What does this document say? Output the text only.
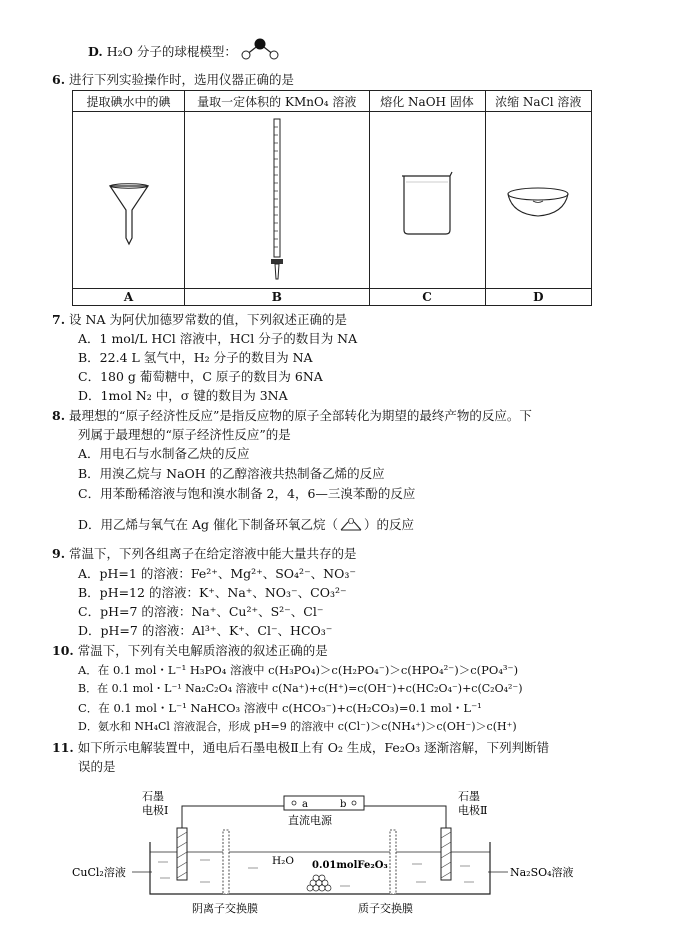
D. H₂O 分子的球棍模型：
6. 进行下列实验操作时，选用仪器正确的是
提取碘水中的碘	量取一定体积的 KMnO₄ 溶液	熔化 NaOH 固体	浓缩 NaCl 溶液

A	B	C	D
7. 设 NA 为阿伏加德罗常数的值，下列叙述正确的是
A．1 mol/L HCl 溶液中，HCl 分子的数目为 NA
B．22.4 L 氢气中，H₂ 分子的数目为 NA
C．180 g 葡萄糖中，C 原子的数目为 6NA
D．1mol N₂ 中，σ 键的数目为 3NA
8. 最理想的“原子经济性反应”是指反应物的原子全部转化为期望的最终产物的反应。下
列属于最理想的“原子经济性反应”的是
A．用电石与水制备乙炔的反应
B．用溴乙烷与 NaOH 的乙醇溶液共热制备乙烯的反应
C．用苯酚稀溶液与饱和溴水制备 2，4，6—三溴苯酚的反应
D．用乙烯与氧气在 Ag 催化下制备环氧乙烷（ O ）的反应
9. 常温下，下列各组离子在给定溶液中能大量共存的是
A．pH=1 的溶液：Fe²⁺、Mg²⁺、SO₄²⁻、NO₃⁻
B．pH=12 的溶液：K⁺、Na⁺、NO₃⁻、CO₃²⁻
C．pH=7 的溶液：Na⁺、Cu²⁺、S²⁻、Cl⁻
D．pH=7 的溶液：Al³⁺、K⁺、Cl⁻、HCO₃⁻
10. 常温下，下列有关电解质溶液的叙述正确的是
A．在 0.1 mol・L⁻¹ H₃PO₄ 溶液中 c(H₃PO₄)＞c(H₂PO₄⁻)＞c(HPO₄²⁻)＞c(PO₄³⁻)
B．在 0.1 mol・L⁻¹ Na₂C₂O₄ 溶液中 c(Na⁺)+c(H⁺)=c(OH⁻)+c(HC₂O₄⁻)+c(C₂O₄²⁻)
C．在 0.1 mol・L⁻¹ NaHCO₃ 溶液中 c(HCO₃⁻)+c(H₂CO₃)=0.1 mol・L⁻¹
D．氨水和 NH₄Cl 溶液混合，形成 pH=9 的溶液中 c(Cl⁻)＞c(NH₄⁺)＞c(OH⁻)＞c(H⁺)
11. 如下所示电解装置中，通电后石墨电极Ⅱ上有 O₂ 生成，Fe₂O₃ 逐渐溶解，下列判断错
误的是
a	b
直流电源
石墨
电极Ⅰ
石墨
电极Ⅱ
H₂O 0.01molFe₂O₃
CuCl₂溶液	Na₂SO₄溶液
阴离子交换膜	质子交换膜
